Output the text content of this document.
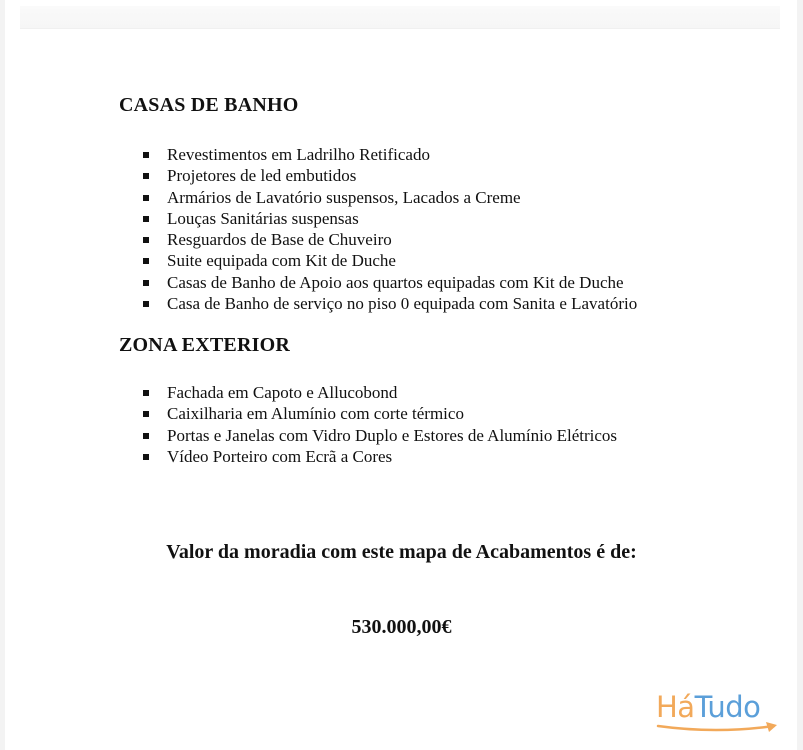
CASAS DE BANHO
Revestimentos em Ladrilho Retificado
Projetores de led embutidos
Armários de Lavatório suspensos, Lacados a Creme
Louças Sanitárias suspensas
Resguardos de Base de Chuveiro
Suite equipada com Kit de Duche
Casas de Banho de Apoio aos quartos equipadas com Kit de Duche
Casa de Banho de serviço no piso 0 equipada com Sanita e Lavatório
ZONA EXTERIOR
Fachada em Capoto e Allucobond
Caixilharia em Alumínio com corte térmico
Portas e Janelas com Vidro Duplo e Estores de Alumínio Elétricos
Vídeo Porteiro com Ecrã a Cores
Valor da moradia com este mapa de Acabamentos é de:
530.000,00€
HáTudo
